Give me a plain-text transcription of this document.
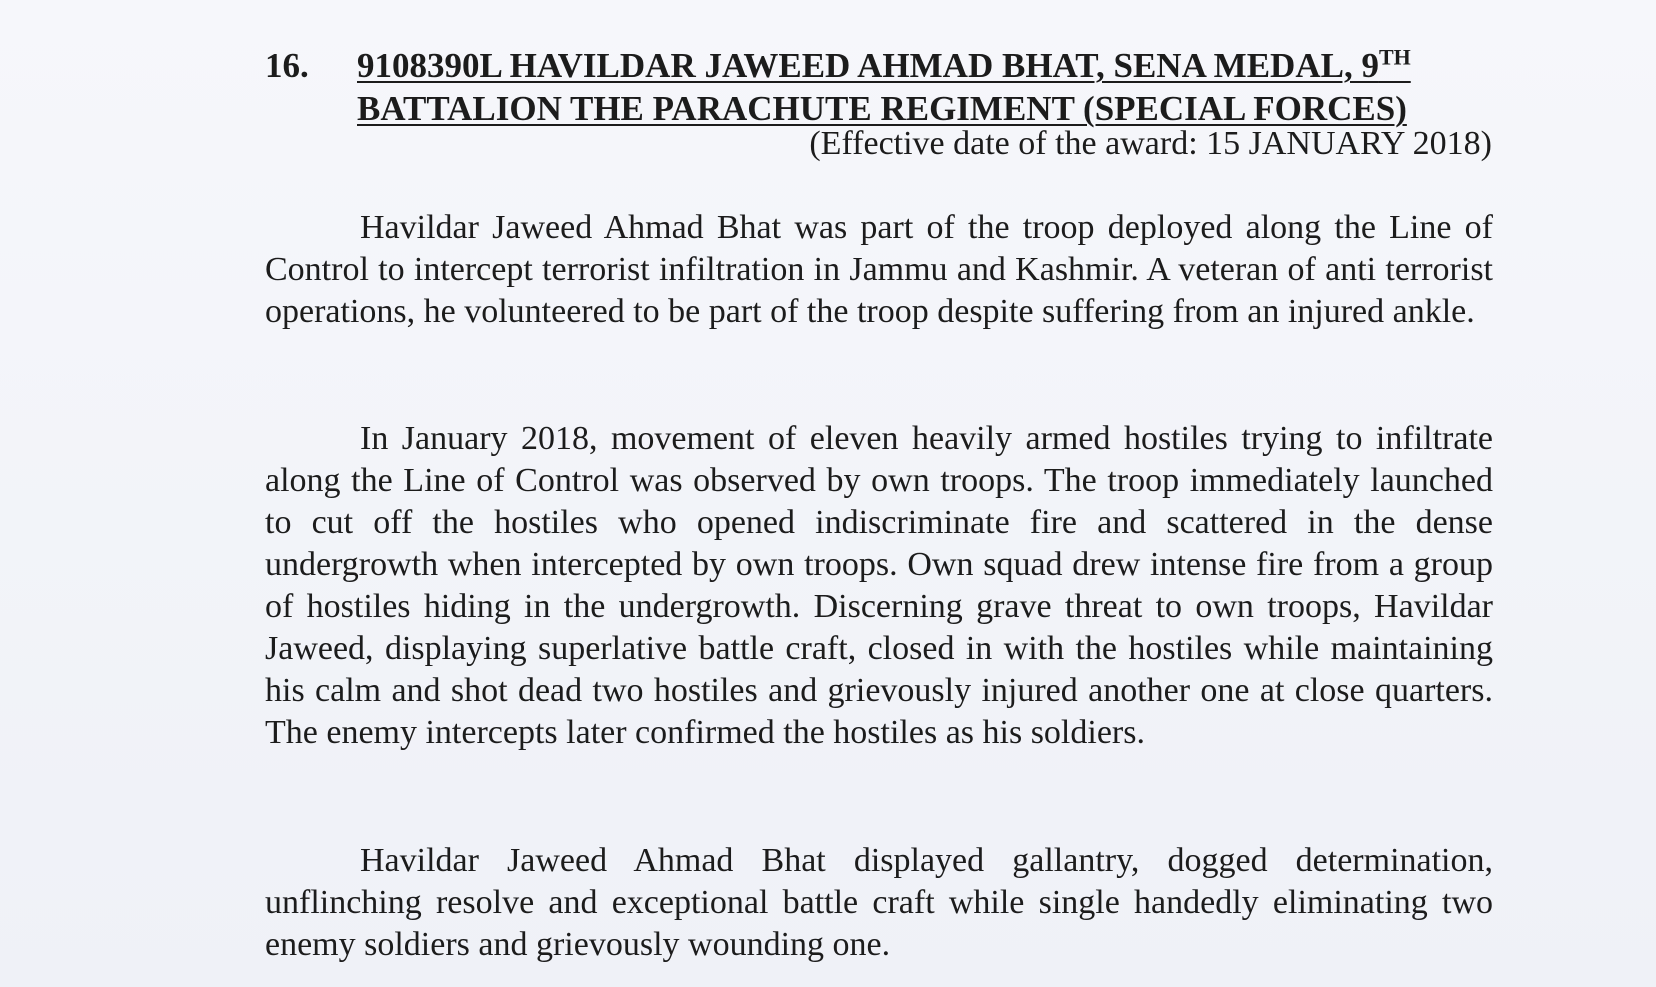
16. 9108390L HAVILDAR JAWEED AHMAD BHAT, SENA MEDAL, 9TH BATTALION THE PARACHUTE REGIMENT (SPECIAL FORCES)
(Effective date of the award: 15 JANUARY 2018)

Havildar Jaweed Ahmad Bhat was part of the troop deployed along the Line of Control to intercept terrorist infiltration in Jammu and Kashmir. A veteran of anti terrorist operations, he volunteered to be part of the troop despite suffering from an injured ankle.

In January 2018, movement of eleven heavily armed hostiles trying to infiltrate along the Line of Control was observed by own troops. The troop immediately launched to cut off the hostiles who opened indiscriminate fire and scattered in the dense undergrowth when intercepted by own troops. Own squad drew intense fire from a group of hostiles hiding in the undergrowth. Discerning grave threat to own troops, Havildar Jaweed, displaying superlative battle craft, closed in with the hostiles while maintaining his calm and shot dead two hostiles and grievously injured another one at close quarters. The enemy intercepts later confirmed the hostiles as his soldiers.

Havildar Jaweed Ahmad Bhat displayed gallantry, dogged determination, unflinching resolve and exceptional battle craft while single handedly eliminating two enemy soldiers and grievously wounding one.
